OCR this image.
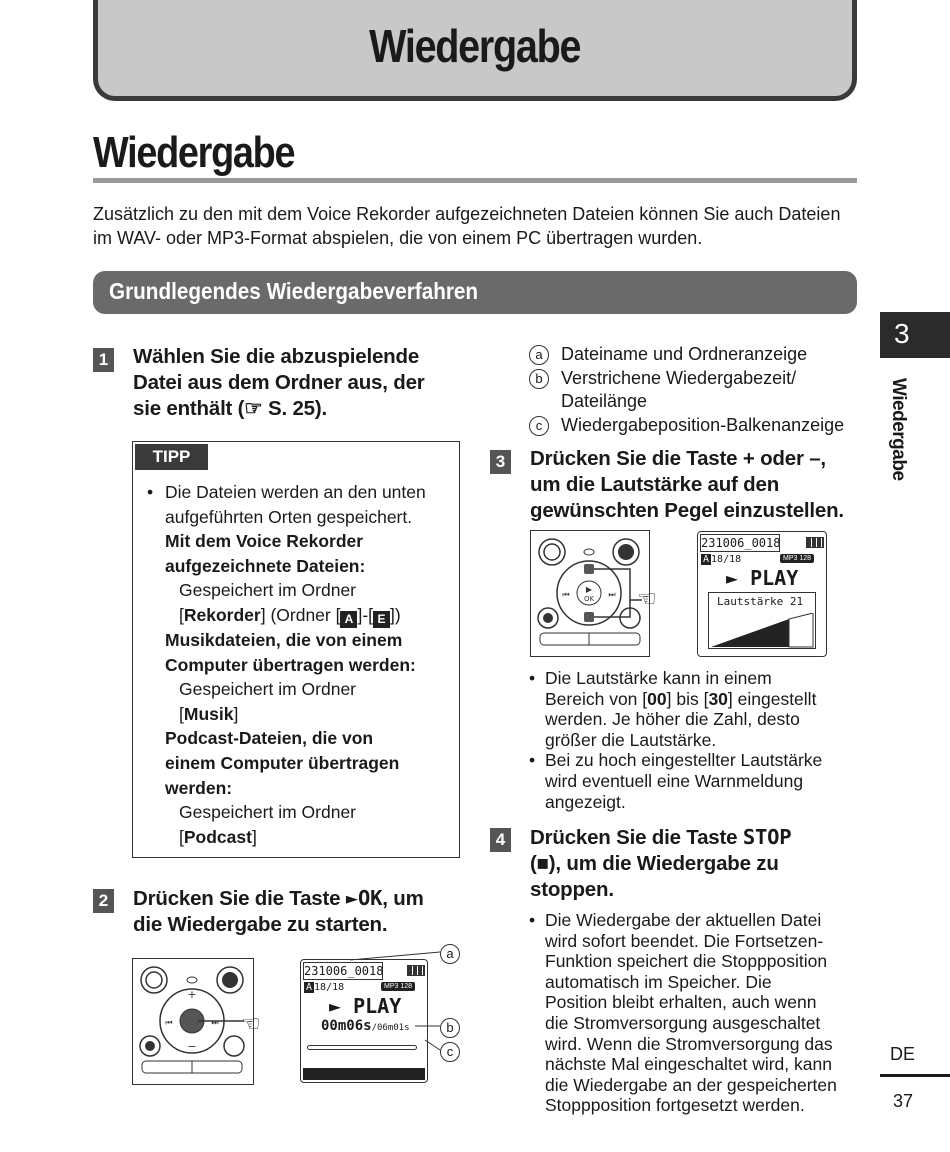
Wiedergabe
Wiedergabe

Zusätzlich zu den mit dem Voice Rekorder aufgezeichneten Dateien können Sie auch Dateien im WAV- oder MP3-Format abspielen, die von einem PC übertragen wurden.

Grundlegendes Wiedergabeverfahren
3
Wiedergabe
DE
37
1 Wählen Sie die abzuspielende
Datei aus dem Ordner aus, der
sie enthält (☞ S. 25).
TIPP
• Die Dateien werden an den unten aufgeführten Orten gespeichert.
Mit dem Voice Rekorder
aufgezeichnete Dateien:
Gespeichert im Ordner
[Rekorder] (Ordner [ A ]-[ E ])
Musikdateien, die von einem
Computer übertragen werden:
Gespeichert im Ordner
[Musik]
Podcast-Dateien, die von
einem Computer übertragen
werden:
Gespeichert im Ordner
[Podcast]
2 Drücken Sie die Taste ►OK, um
die Wiedergabe zu starten.
+
−
⏮	⏭ ☜
231006_0018
A 18/18	MP3 128
► PLAY
00m06s/06m01s
a
b
c
a	Dateiname und Ordneranzeige
b	Verstrichene Wiedergabezeit/
Dateilänge
c	Wiedergabeposition-Balkenanzeige
3 Drücken Sie die Taste + oder –,
um die Lautstärke auf den
gewünschten Pegel einzustellen.
▶
OK
⏮	⏭ ☜
231006_0018
A 18/18	MP3 128
► PLAY
Lautstärke 21
• Die Lautstärke kann in einem
Bereich von [00] bis [30] eingestellt
werden. Je höher die Zahl, desto
größer die Lautstärke.
• Bei zu hoch eingestellter Lautstärke
wird eventuell eine Warnmeldung
angezeigt.
4 Drücken Sie die Taste STOP
(■), um die Wiedergabe zu
stoppen.
• Die Wiedergabe der aktuellen Datei
wird sofort beendet. Die Fortsetzen-
Funktion speichert die Stoppposition
automatisch im Speicher. Die
Position bleibt erhalten, auch wenn
die Stromversorgung ausgeschaltet
wird. Wenn die Stromversorgung das
nächste Mal eingeschaltet wird, kann
die Wiedergabe an der gespeicherten
Stoppposition fortgesetzt werden.
